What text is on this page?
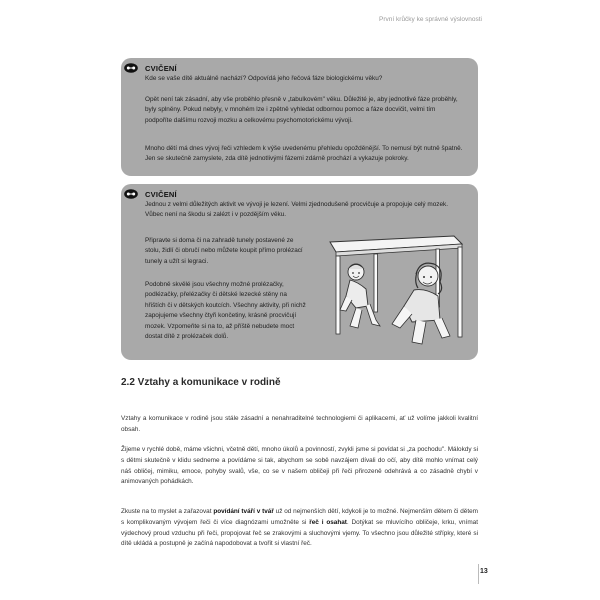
První krůčky ke správné výslovnosti
CVIČENÍ
Kde se vaše dítě aktuálně nachází? Odpovídá jeho řečová fáze biologickému věku?
Opět není tak zásadní, aby vše proběhlo přesně v „tabulkovém" věku. Důležité je, aby jednotlivé fáze proběhly, byly splněny. Pokud nebyly, v mnohém lze i zpětně vyhledat odbornou pomoc a fáze docvičit, velmi tím podpoříte dalšímu rozvoji mozku a celkovému psychomotorickému vývoji.
Mnoho dětí má dnes vývoj řeči vzhledem k výše uvedenému přehledu opožděnější. To nemusí být nutně špatně. Jen se skutečně zamyslete, zda dítě jednotlivými fázemi zdárně prochází a vykazuje pokroky.
CVIČENÍ
Jednou z velmi důležitých aktivit ve vývoji je lezení. Velmi zjednodušeně procvičuje a propojuje celý mozek. Vůbec není na škodu si zalézt i v pozdějším věku.
Připravte si doma či na zahradě tunely postavené ze stolu, židlí či obručí nebo můžete koupit přímo prolézací tunely a užít si legraci.
Podobně skvělé jsou všechny možné prolézačky, podlézačky, přelézačky či dětské lezecké stěny na hřištích či v dětských koutcích. Všechny aktivity, při nichž zapojujeme všechny čtyři končetiny, krásně procvičují mozek. Vzpomeňte si na to, až příště nebudete moct dostat dítě z prolézaček dolů.
2.2 Vztahy a komunikace v rodině
Vztahy a komunikace v rodině jsou stále zásadní a nenahraditelné technologiemi či aplikacemi, ať už volíme jakkoli kvalitní obsah.
Žijeme v rychlé době, máme všichni, včetně dětí, mnoho úkolů a povinností, zvykli jsme si povídat si „za pochodu". Málokdy si s dětmi skutečně v klidu sedneme a povídáme si tak, abychom se sobě navzájem dívali do očí, aby dítě mohlo vnímat celý náš obličej, mimiku, emoce, pohyby svalů, vše, co se v našem obličeji při řeči přirozeně odehrává a co zásadně chybí v animovaných pohádkách.
Zkuste na to myslet a zařazovat povídání tváří v tvář už od nejmenších dětí, kdykoli je to možné. Nejmenším dětem či dětem s komplikovaným vývojem řeči či více diagnózami umožněte si řeč i osahat. Dotýkat se mluvícího obličeje, krku, vnímat výdechový proud vzduchu při řeči, propojovat řeč se zrakovými a sluchovými vjemy. To všechno jsou důležité střípky, které si dítě ukládá a postupně je začíná napodobovat a tvořit si vlastní řeč.
13
